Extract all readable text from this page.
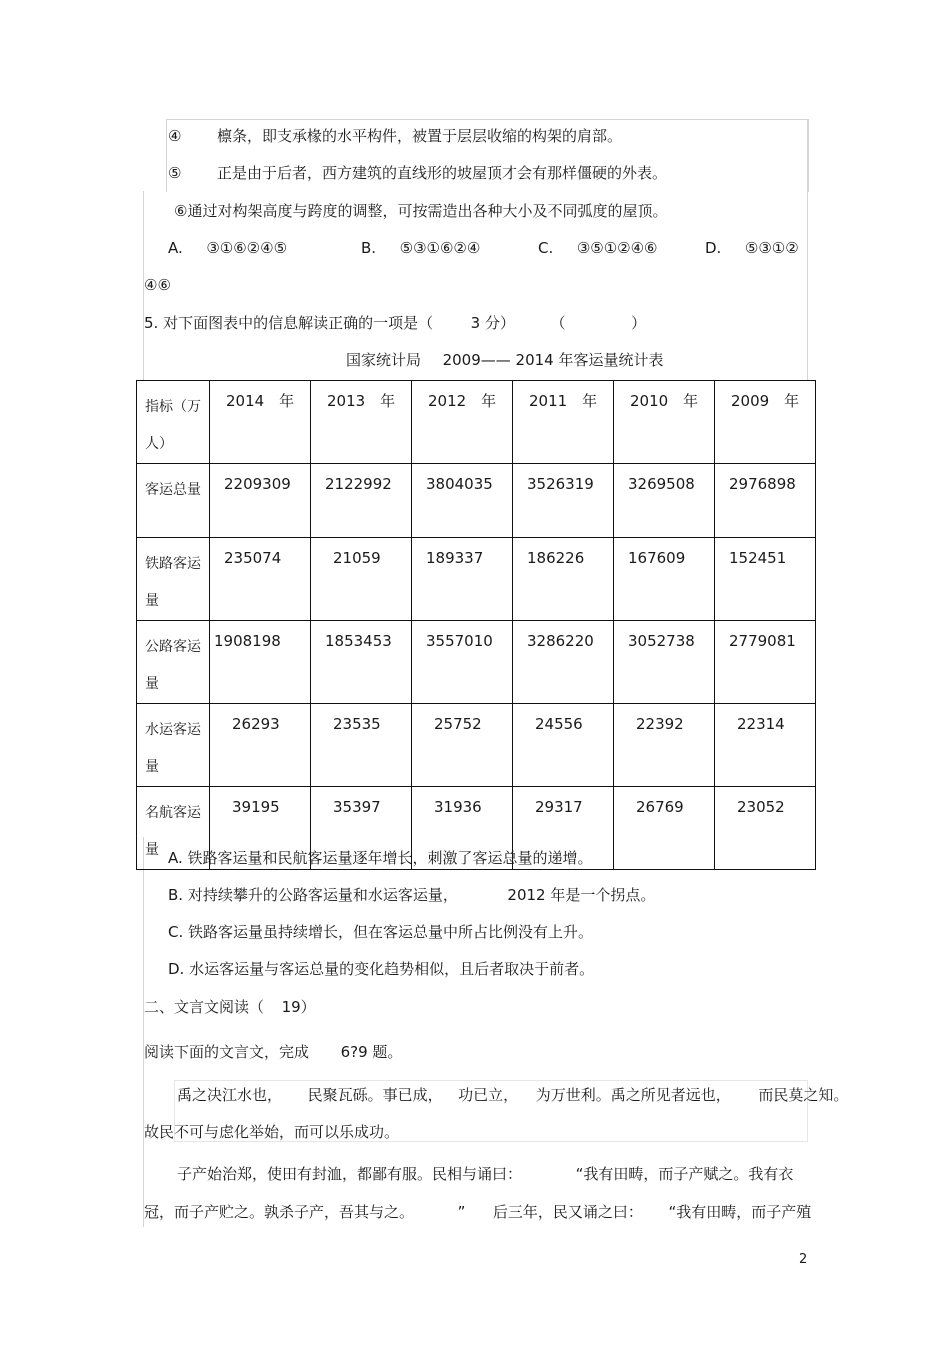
④ 檩条，即支承椽的水平构件，被置于层层收缩的构架的肩部。
⑤ 正是由于后者，西方建筑的直线形的坡屋顶才会有那样僵硬的外表。
⑥通过对构架高度与跨度的调整，可按需造出各种大小及不同弧度的屋顶。
A. ③①⑥②④⑤	B. ⑤③①⑥②④	C. ③⑤①②④⑥	D. ⑤③①②
④⑥
5. 对下面图表中的信息解读正确的一项是（	3 分） （	）
国家统计局 2009—— 2014 年客运量统计表
指标（万人）	2014　年	2013　年	2012　年	2011　年	2010　年	2009　年

客运总量	2209309	2122992	3804035	3526319	3269508	2976898

铁路客运量	235074	21059	189337	186226	167609	152451

公路客运量	1908198	1853453	3557010	3286220	3052738	2779081

水运客运量	26293	23535	25752	24556	22392	22314

名航客运量	39195	35397	31936	29317	26769	23052
A. 铁路客运量和民航客运量逐年增长，刺激了客运总量的递增。
B. 对持续攀升的公路客运量和水运客运量，	2012 年是一个拐点。
C. 铁路客运量虽持续增长，但在客运总量中所占比例没有上升。
D. 水运客运量与客运总量的变化趋势相似，且后者取决于前者。
二、文言文阅读（ 19）
阅读下面的文言文，完成 6?9 题。
禹之决江水也， 民聚瓦砾。事已成， 功已立， 为万世利。禹之所见者远也， 而民莫之知。
故民不可与虑化举始，而可以乐成功。
子产始治郑，使田有封洫，都鄙有服。民相与诵曰：	“我有田畴，而子产赋之。我有衣
冠，而子产贮之。孰杀子产，吾其与之。	” 后三年，民又诵之曰： “我有田畴，而子产殖
2
